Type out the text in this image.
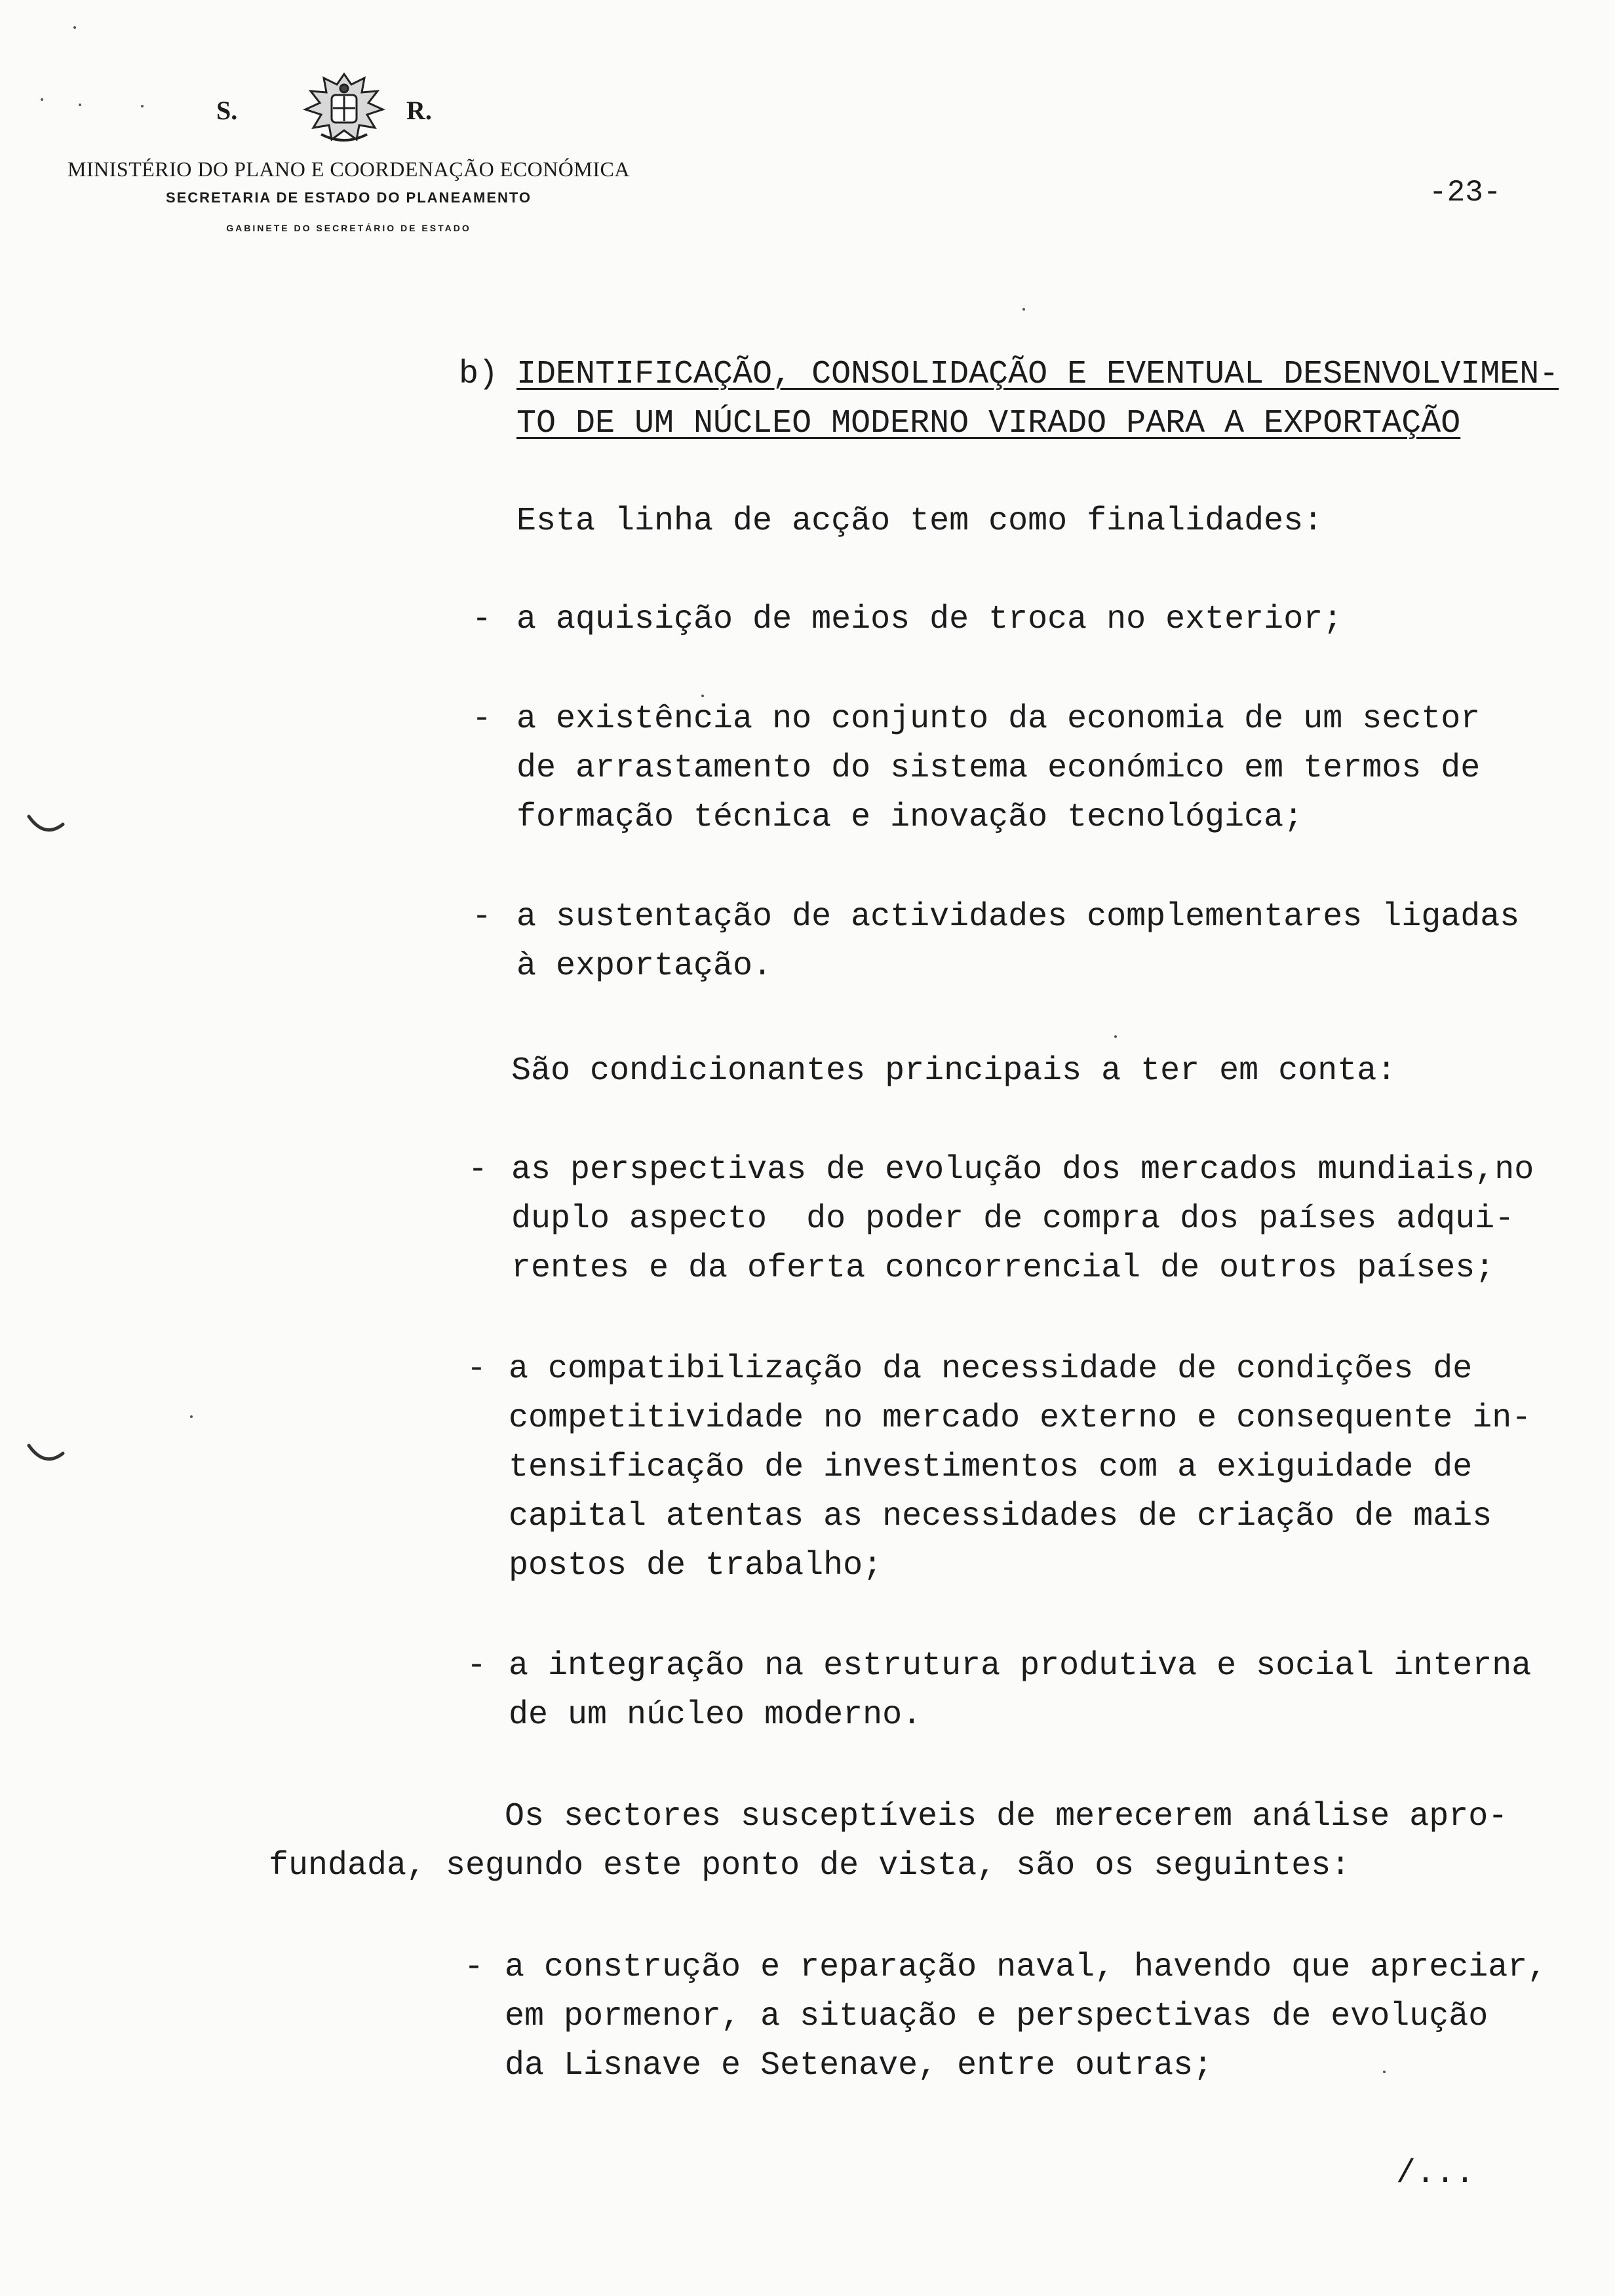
S.	R.
MINISTÉRIO DO PLANO E COORDENAÇÃO ECONÓMICA
SECRETARIA DE ESTADO DO PLANEAMENTO
GABINETE DO SECRETÁRIO DE ESTADO
-23-
b) IDENTIFICAÇÃO, CONSOLIDAÇÃO E EVENTUAL DESENVOLVIMEN-
TO DE UM NÚCLEO MODERNO VIRADO PARA A EXPORTAÇÃO
Esta linha de acção tem como finalidades:
- a aquisição de meios de troca no exterior;
- a existência no conjunto da economia de um sector
de arrastamento do sistema económico em termos de
formação técnica e inovação tecnológica;
- a sustentação de actividades complementares ligadas
à exportação.
São condicionantes principais a ter em conta:
- as perspectivas de evolução dos mercados mundiais,no
duplo aspecto  do poder de compra dos países adqui-
rentes e da oferta concorrencial de outros países;
- a compatibilização da necessidade de condições de
competitividade no mercado externo e consequente in-
tensificação de investimentos com a exiguidade de
capital atentas as necessidades de criação de mais
postos de trabalho;
- a integração na estrutura produtiva e social interna
de um núcleo moderno.
Os sectores susceptíveis de merecerem análise apro-
fundada, segundo este ponto de vista, são os seguintes:
- a construção e reparação naval, havendo que apreciar,
em pormenor, a situação e perspectivas de evolução
da Lisnave e Setenave, entre outras;
/...
